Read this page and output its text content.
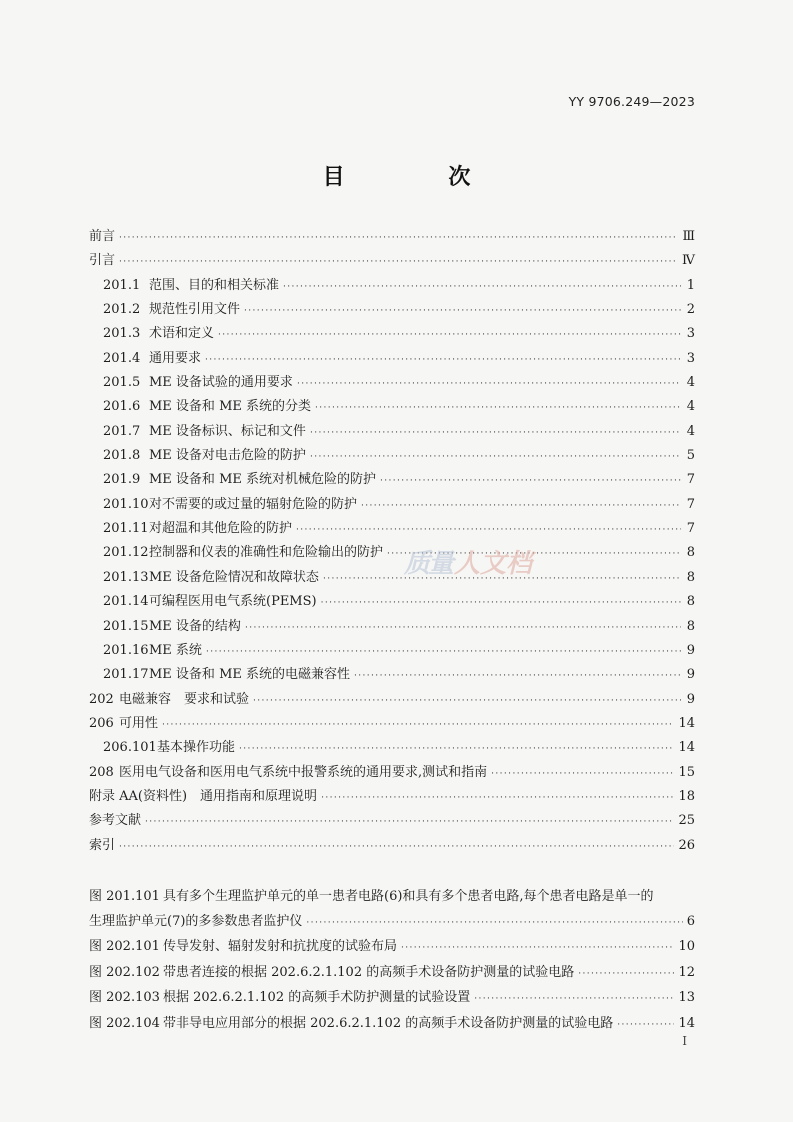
YY 9706.249—2023
目 次
前言 ·····	Ⅲ
引言 ·····	Ⅳ
201.1 范围、目的和相关标准 ·····	1
201.2 规范性引用文件 ·····	2
201.3 术语和定义 ·····	3
201.4 通用要求 ·····	3
201.5 ME 设备试验的通用要求 ·····	4
201.6 ME 设备和 ME 系统的分类 ·····	4
201.7 ME 设备标识、标记和文件 ·····	4
201.8 ME 设备对电击危险的防护 ·····	5
201.9 ME 设备和 ME 系统对机械危险的防护 ·····	7
201.10 对不需要的或过量的辐射危险的防护 ·····	7
201.11 对超温和其他危险的防护 ·····	7
201.12 控制器和仪表的准确性和危险输出的防护 ·····	8
201.13 ME 设备危险情况和故障状态 ·····	8
201.14 可编程医用电气系统(PEMS) ·····	8
201.15 ME 设备的结构 ·····	8
201.16 ME 系统 ·····	9
201.17 ME 设备和 ME 系统的电磁兼容性 ·····	9
202 电磁兼容　要求和试验 ·····	9
206 可用性 ·····	14
206.101 基本操作功能 ·····	14
208 医用电气设备和医用电气系统中报警系统的通用要求,测试和指南 ·····	15
附录 AA(资料性)　通用指南和原理说明 ·····	18
参考文献 ·····	25
索引 ·····	26
图 201.101 具有多个生理监护单元的单一患者电路(6)和具有多个患者电路,每个患者电路是单一的
生理监护单元(7)的多参数患者监护仪 ·····	6
图 202.101 传导发射、辐射发射和抗扰度的试验布局 ·····	10
图 202.102 带患者连接的根据 202.6.2.1.102 的高频手术设备防护测量的试验电路 ·····	12
图 202.103 根据 202.6.2.1.102 的高频手术防护测量的试验设置 ·····	13
图 202.104 带非导电应用部分的根据 202.6.2.1.102 的高频手术设备防护测量的试验电路 ·····	14
I
质量 人文档
